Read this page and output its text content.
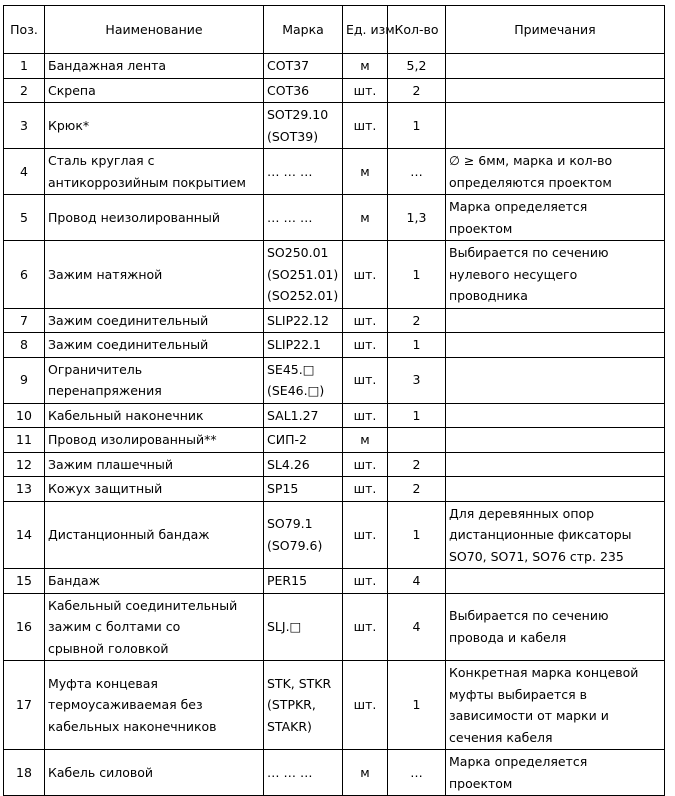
Поз.	Наименование	Марка	Ед. изм.	Кол-во	Примечания
1	Бандажная лента	COT37	м	5,2	
2	Скрепа	COT36	шт.	2	
3	Крюк*	SOT29.10
(SOT39)	шт.	1	
4	Сталь круглая с
антикоррозийным покрытием	… … …	м	…	∅ ≥ 6мм, марка и кол-во
определяются проектом

5	Провод неизолированный	… … …	м	1,3	Марка определяется
проектом

6	Зажим натяжной	SO250.01
(SO251.01)
(SO252.01)	шт.	1	Выбирается по сечению
нулевого несущего
проводника

7	Зажим соединительный	SLIP22.12	шт.	2	
8	Зажим соединительный	SLIP22.1	шт.	1	
9	Ограничитель
перенапряжения	SE45.□
(SE46.□)	шт.	3	
10	Кабельный наконечник	SAL1.27	шт.	1	
11	Провод изолированный**	СИП-2	м		
12	Зажим плашечный	SL4.26	шт.	2	
13	Кожух защитный	SP15	шт.	2	
14	Дистанционный бандаж	SO79.1
(SO79.6)	шт.	1	Для деревянных опор
дистанционные фиксаторы
SO70, SO71, SO76 стр. 235

15	Бандаж	PER15	шт.	4	
16	Кабельный соединительный
зажим с болтами со
срывной головкой	SLJ.□	шт.	4	Выбирается по сечению
провода и кабеля

17	Муфта концевая
термоусаживаемая без
кабельных наконечников	STK, STKR
(STPKR,
STAKR)	шт.	1	Конкретная марка концевой
муфты выбирается в
зависимости от марки и
сечения кабеля

18	Кабель силовой	… … …	м	…	Марка определяется
проектом
